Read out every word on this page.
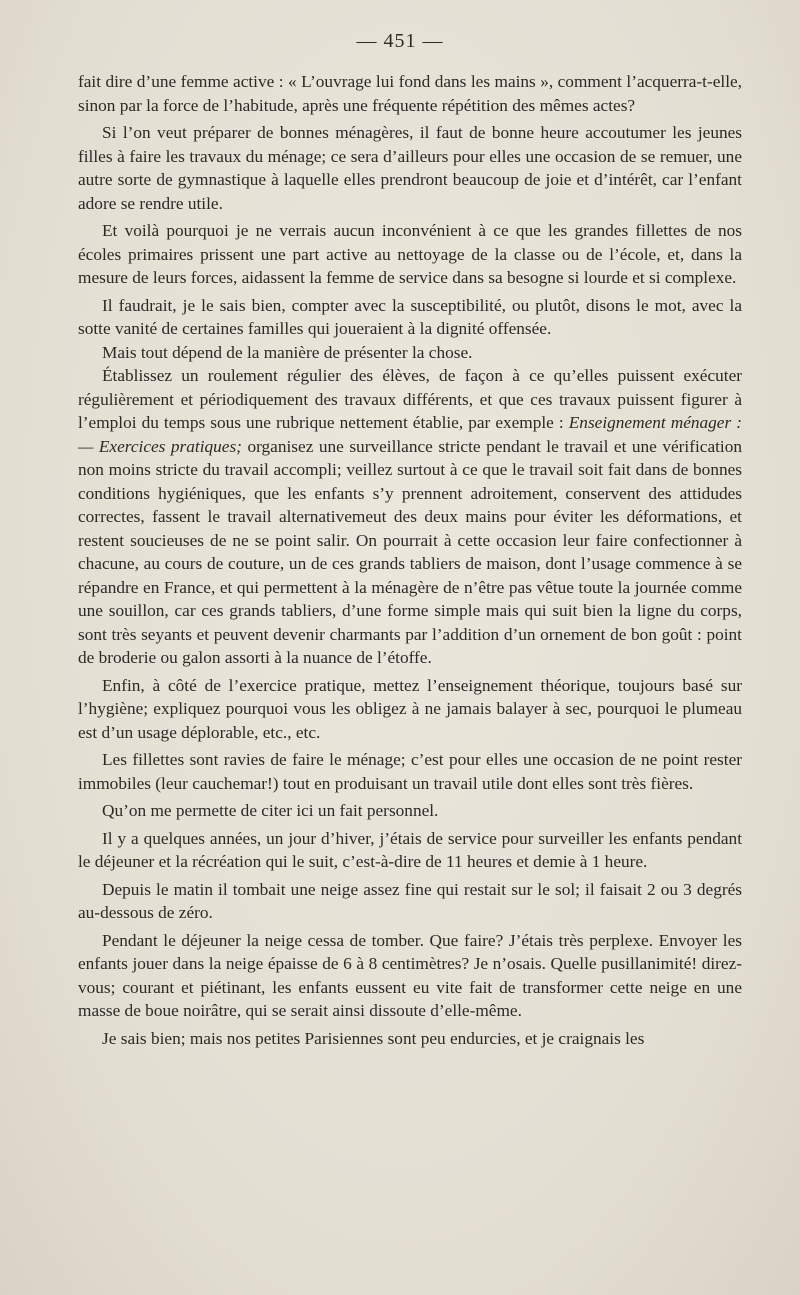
— 451 —

fait dire d’une femme active : « L’ouvrage lui fond dans les mains », comment l’acquerra-t-elle, sinon par la force de l’habitude, après une fréquente répétition des mêmes actes?

Si l’on veut préparer de bonnes ménagères, il faut de bonne heure accoutumer les jeunes filles à faire les travaux du ménage; ce sera d’ailleurs pour elles une occasion de se remuer, une autre sorte de gymnastique à laquelle elles prendront beaucoup de joie et d’intérêt, car l’enfant adore se rendre utile.

Et voilà pourquoi je ne verrais aucun inconvénient à ce que les grandes fillettes de nos écoles primaires prissent une part active au nettoyage de la classe ou de l’école, et, dans la mesure de leurs forces, aidassent la femme de service dans sa besogne si lourde et si complexe.

Il faudrait, je le sais bien, compter avec la susceptibilité, ou plutôt, disons le mot, avec la sotte vanité de certaines familles qui joueraient à la dignité offensée.

Mais tout dépend de la manière de présenter la chose.

Établissez un roulement régulier des élèves, de façon à ce qu’elles puissent exécuter régulièrement et périodiquement des travaux différents, et que ces travaux puissent figurer à l’emploi du temps sous une rubrique nettement établie, par exemple : Enseignement ménager : — Exercices pratiques; organisez une surveillance stricte pendant le travail et une vérification non moins stricte du travail accompli; veillez surtout à ce que le travail soit fait dans de bonnes conditions hygiéniques, que les enfants s’y prennent adroitement, conservent des attidudes correctes, fassent le travail alternativemeut des deux mains pour éviter les déformations, et restent soucieuses de ne se point salir. On pourrait à cette occasion leur faire confectionner à chacune, au cours de couture, un de ces grands tabliers de maison, dont l’usage commence à se répandre en France, et qui permettent à la ménagère de n’être pas vêtue toute la journée comme une souillon, car ces grands tabliers, d’une forme simple mais qui suit bien la ligne du corps, sont très seyants et peuvent devenir charmants par l’addition d’un ornement de bon goût : point de broderie ou galon assorti à la nuance de l’étoffe.

Enfin, à côté de l’exercice pratique, mettez l’enseignement théorique, toujours basé sur l’hygiène; expliquez pourquoi vous les obligez à ne jamais balayer à sec, pourquoi le plumeau est d’un usage déplorable, etc., etc.

Les fillettes sont ravies de faire le ménage; c’est pour elles une occasion de ne point rester immobiles (leur cauchemar!) tout en produisant un travail utile dont elles sont très fières.

Qu’on me permette de citer ici un fait personnel.

Il y a quelques années, un jour d’hiver, j’étais de service pour surveiller les enfants pendant le déjeuner et la récréation qui le suit, c’est-à-dire de 11 heures et demie à 1 heure.

Depuis le matin il tombait une neige assez fine qui restait sur le sol; il faisait 2 ou 3 degrés au-dessous de zéro.

Pendant le déjeuner la neige cessa de tomber. Que faire? J’étais très perplexe. Envoyer les enfants jouer dans la neige épaisse de 6 à 8 centimètres? Je n’osais. Quelle pusillanimité! direz-vous; courant et piétinant, les enfants eussent eu vite fait de transformer cette neige en une masse de boue noirâtre, qui se serait ainsi dissoute d’elle-même.

Je sais bien; mais nos petites Parisiennes sont peu endurcies, et je craignais les
